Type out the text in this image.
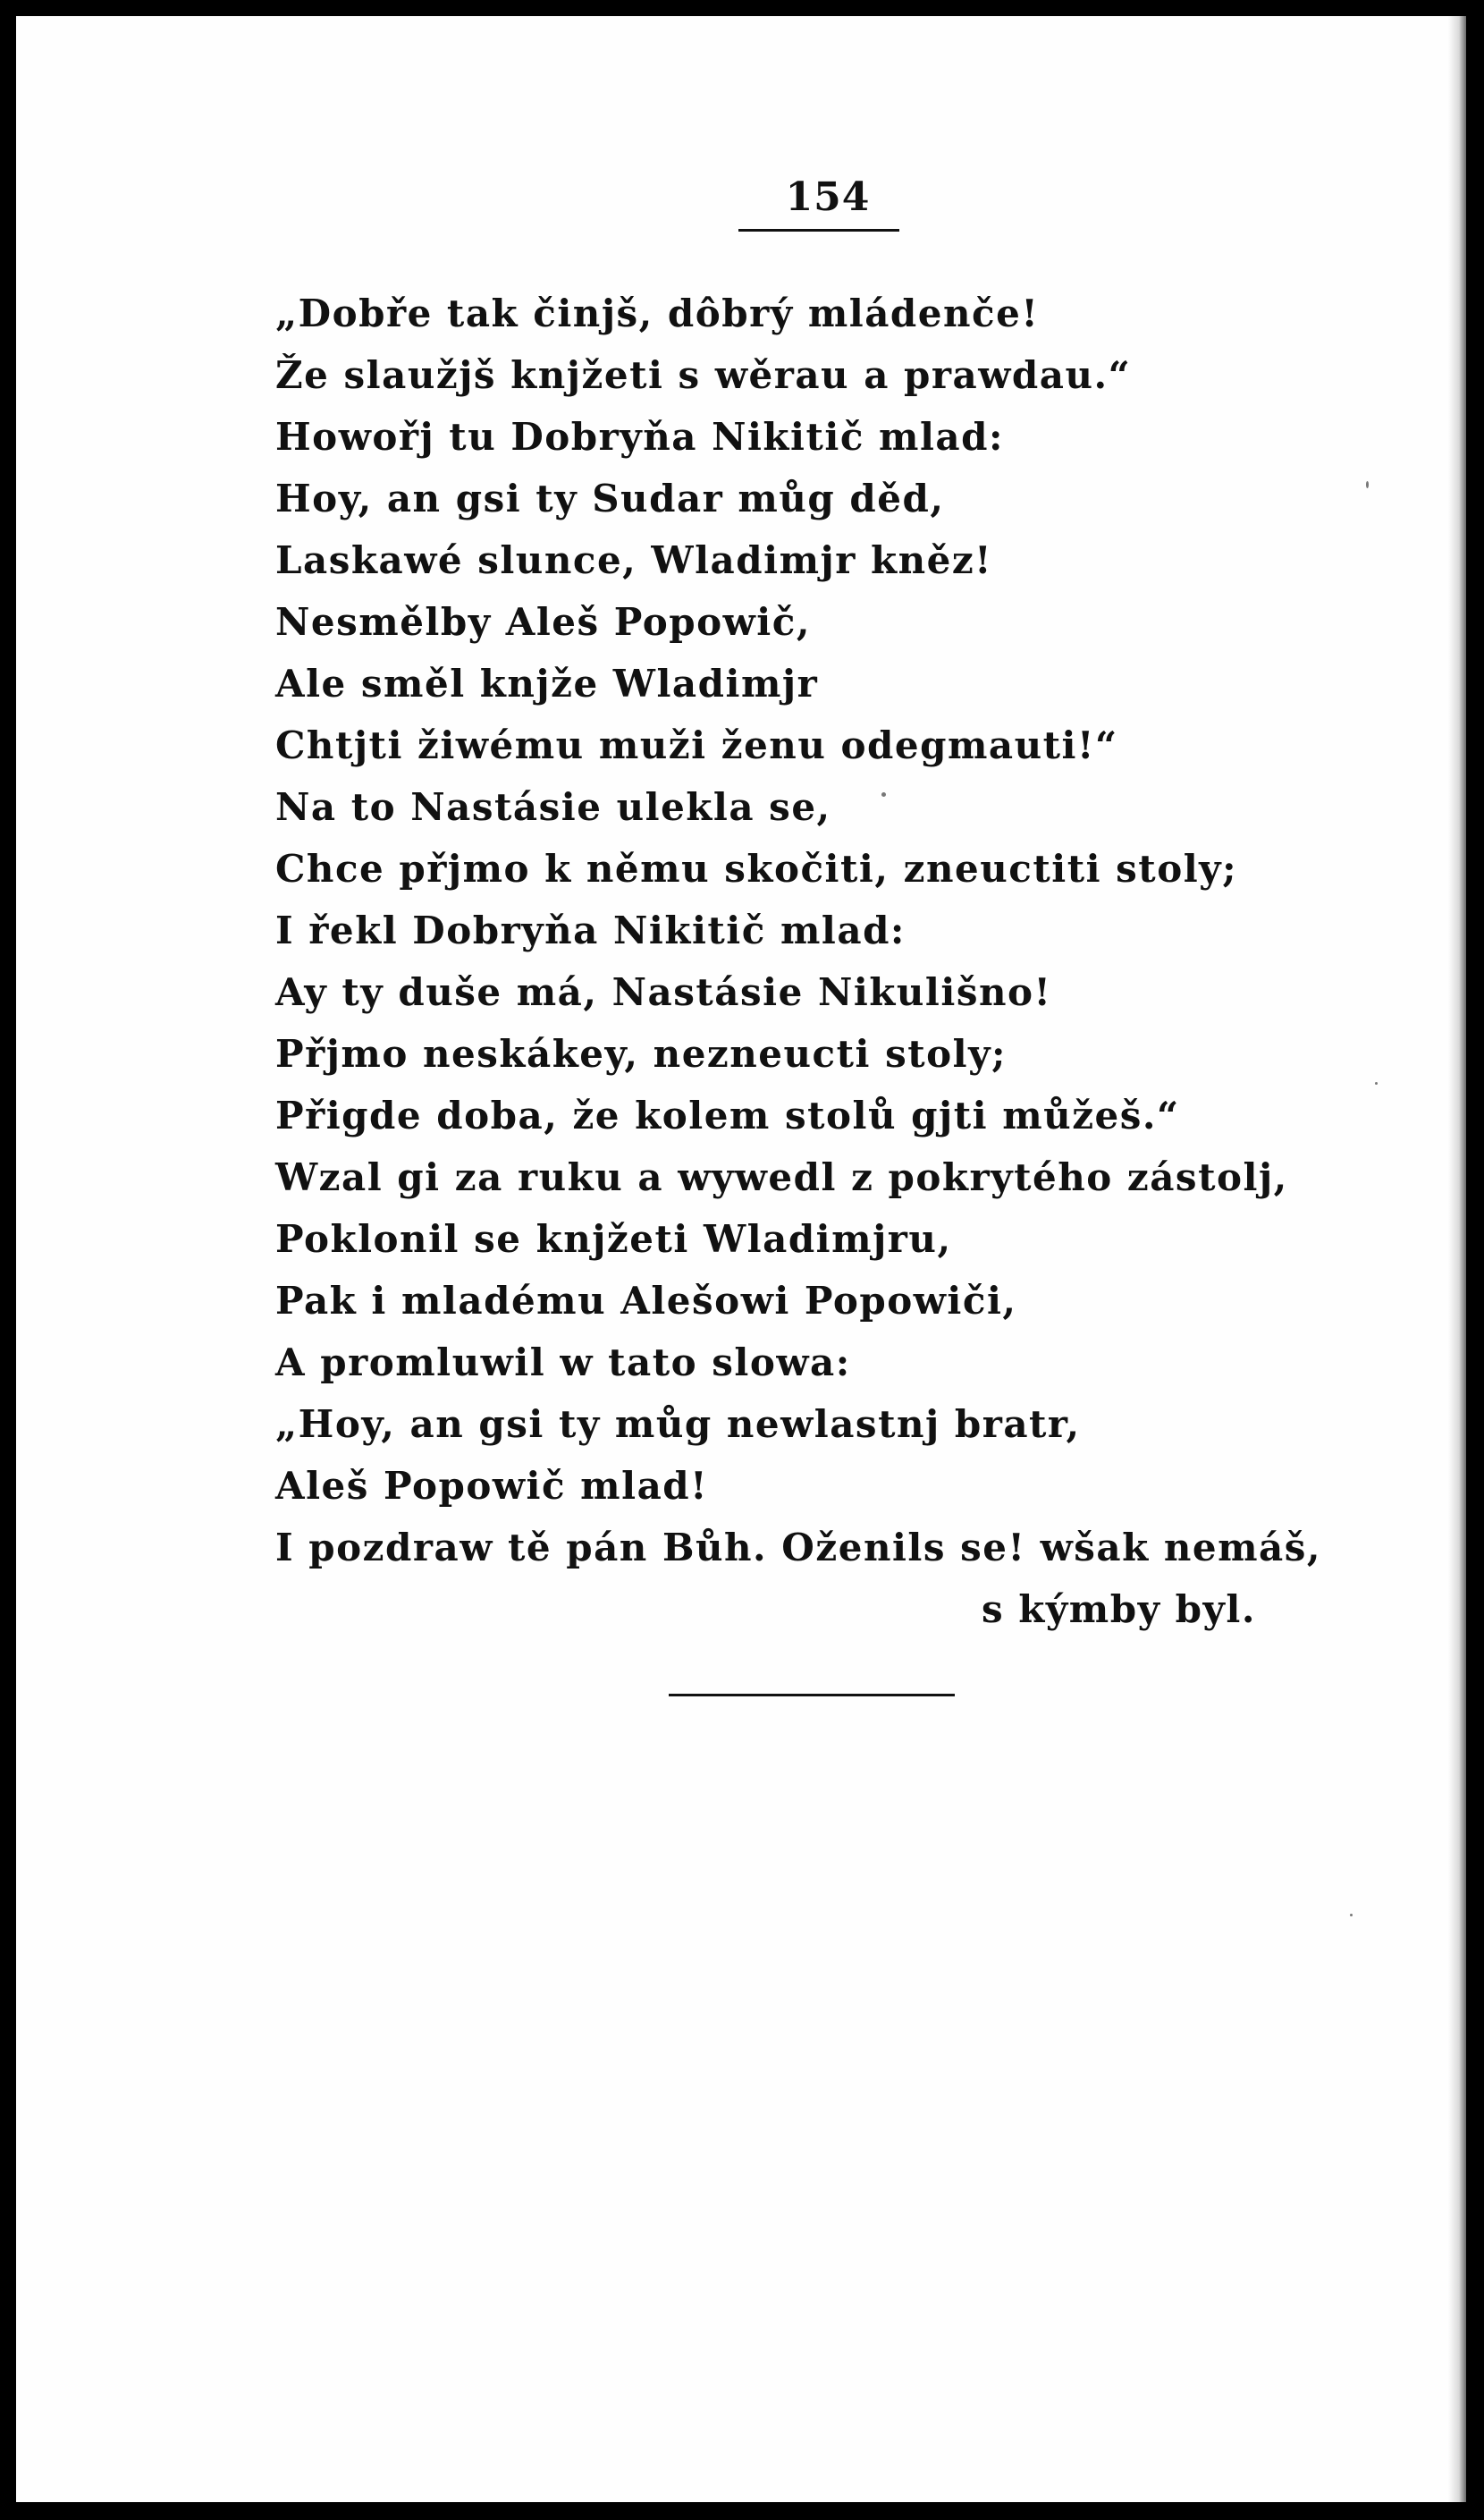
154
„Dobře tak činjš, dôbrý mládenče!
Že slaužjš knjžeti s wěrau a prawdau.“
Howořj tu Dobryňa Nikitič mlad:
Hoy, an gsi ty Sudar můg děd,
Laskawé slunce, Wladimjr kněz!
Nesmělby Aleš Popowič,
Ale směl knjže Wladimjr
Chtjti žiwému muži ženu odegmauti!“
Na to Nastásie ulekla se,
Chce přjmo k němu skočiti, zneuctiti stoly;
I řekl Dobryňa Nikitič mlad:
Ay ty duše má, Nastásie Nikulišno!
Přjmo neskákey, nezneucti stoly;
Přigde doba, že kolem stolů gjti můžeš.“
Wzal gi za ruku a wywedl z pokrytého zástolj,
Poklonil se knjžeti Wladimjru,
Pak i mladému Alešowi Popowiči,
A promluwil w tato slowa:
„Hoy, an gsi ty můg newlastnj bratr,
Aleš Popowič mlad!
I pozdraw tě pán Bůh. Oženils se! wšak nemáš,
s kýmby byl.
